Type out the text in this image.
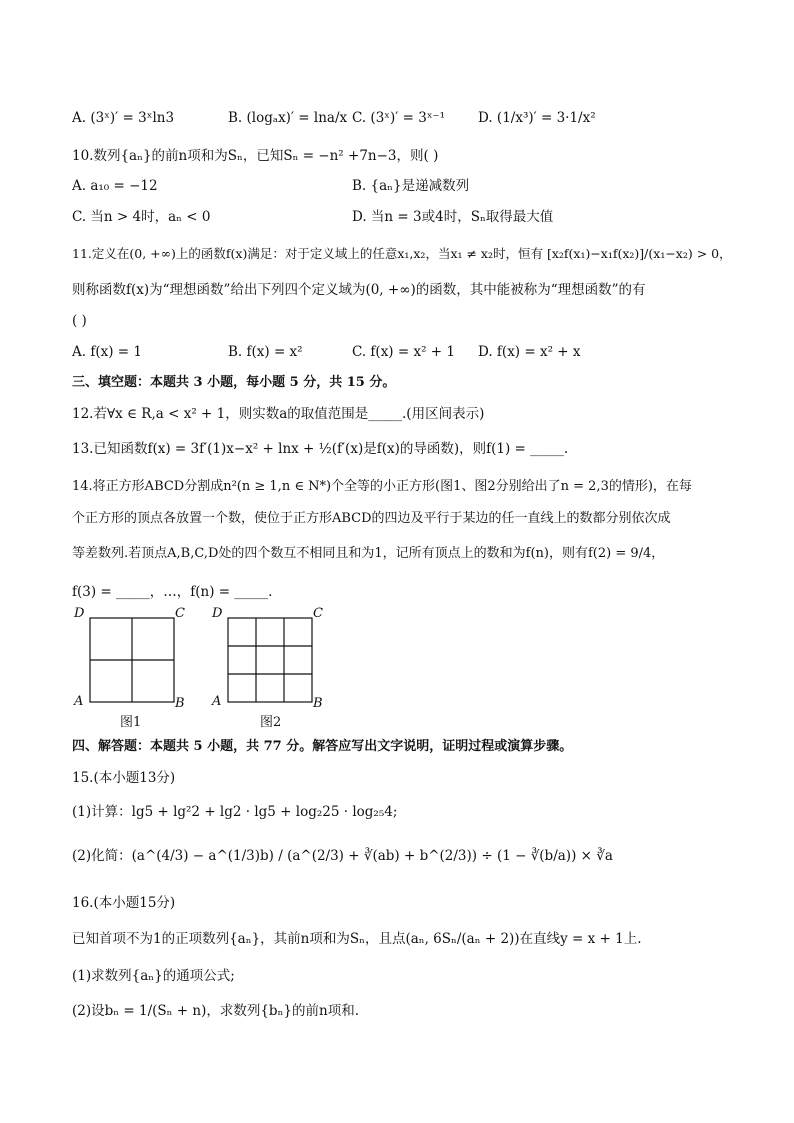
A. (3ˣ)′ = 3ˣln3	B. (logₐx)′ = lna/x C. (3ˣ)′ = 3ˣ⁻¹ D. (1/x³)′ = 3·1/x²
10.数列{aₙ}的前n项和为Sₙ，已知Sₙ = −n² +7n−3，则( )
A. a₁₀ = −12	B. {aₙ}是递减数列
C. 当n > 4时，aₙ < 0	D. 当n = 3或4时，Sₙ取得最大值
11.定义在(0, +∞)上的函数f(x)满足：对于定义域上的任意x₁,x₂，当x₁ ≠ x₂时，恒有 [x₂f(x₁)−x₁f(x₂)]/(x₁−x₂) > 0，
则称函数f(x)为“理想函数”给出下列四个定义域为(0, +∞)的函数，其中能被称为“理想函数”的有
( )
A. f(x) = 1	B. f(x) = x²	C. f(x) = x² + 1 D. f(x) = x² + x
三、填空题：本题共 3 小题，每小题 5 分，共 15 分。
12.若∀x ∈ R,a < x² + 1，则实数a的取值范围是_____.(用区间表示)
13.已知函数f(x) = 3f′(1)x−x² + lnx + ½(f′(x)是f(x)的导函数)，则f(1) = _____.
14.将正方形ABCD分割成n²(n ≥ 1,n ∈ N*)个全等的小正方形(图1、图2分别给出了n = 2,3的情形)，在每
个正方形的顶点各放置一个数，使位于正方形ABCD的四边及平行于某边的任一直线上的数都分别依次成
等差数列.若顶点A,B,C,D处的四个数互不相同且和为1，记所有顶点上的数和为f(n)，则有f(2) = 9/4，
f(3) = _____，…，f(n) = _____.
D	C
A	B
图1
D	C
A	B
图2
四、解答题：本题共 5 小题，共 77 分。解答应写出文字说明，证明过程或演算步骤。
15.(本小题13分)
(1)计算：lg5 + lg²2 + lg2 · lg5 + log₂25 · log₂₅4;
(2)化简：(a^(4/3) − a^(1/3)b) / (a^(2/3) + ∛(ab) + b^(2/3)) ÷ (1 − ∛(b/a)) × ∛a
16.(本小题15分)
已知首项不为1的正项数列{aₙ}，其前n项和为Sₙ，且点(aₙ, 6Sₙ/(aₙ + 2))在直线y = x + 1上.
(1)求数列{aₙ}的通项公式;
(2)设bₙ = 1/(Sₙ + n)，求数列{bₙ}的前n项和.
